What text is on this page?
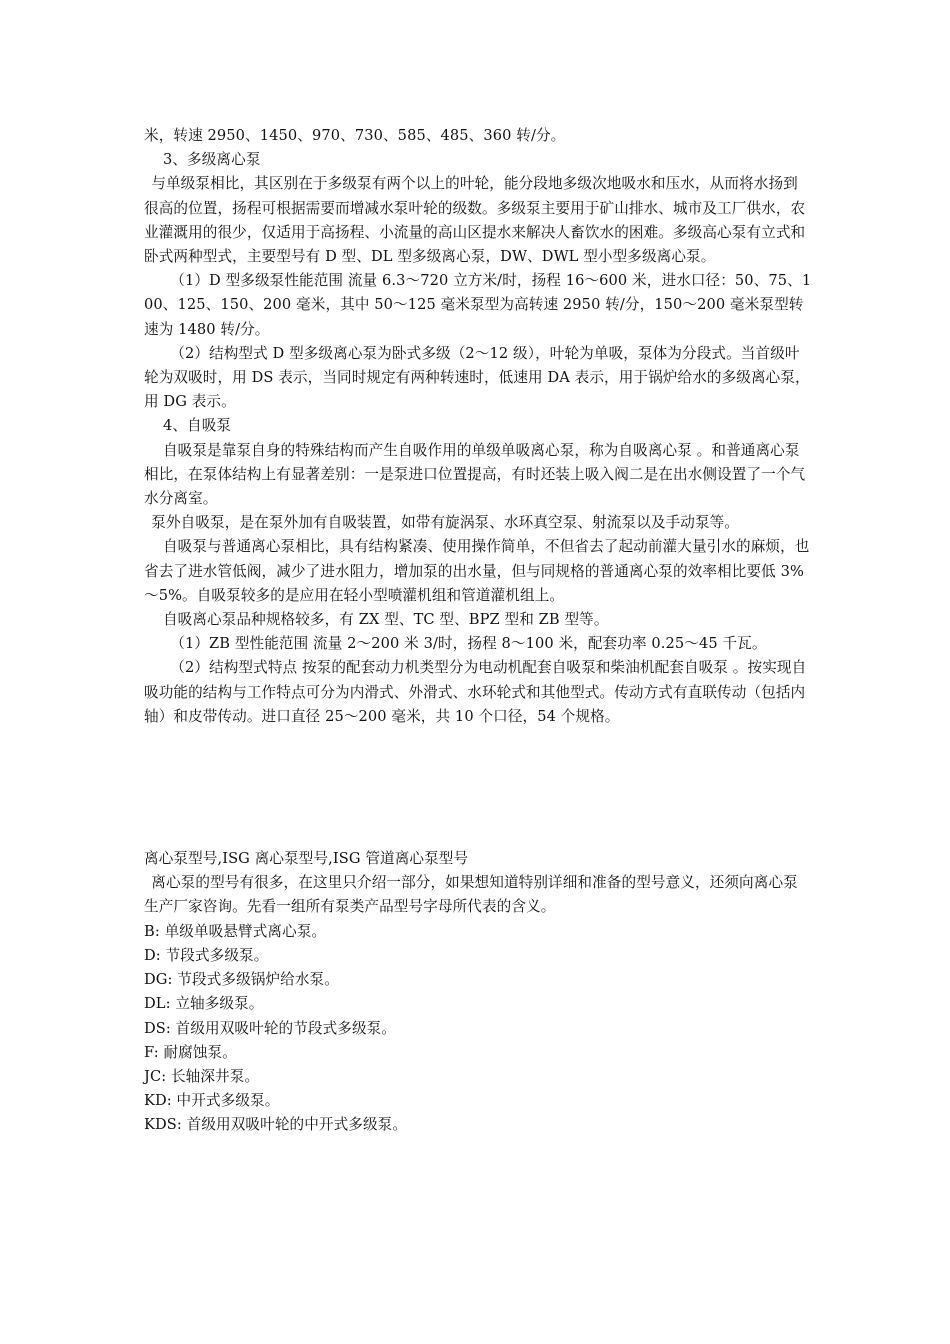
米，转速 2950、1450、970、730、585、485、360 转/分。

3、多级离心泵

与单级泵相比，其区别在于多级泵有两个以上的叶轮，能分段地多级次地吸水和压水，从而将水扬到很高的位置，扬程可根据需要而增减水泵叶轮的级数。多级泵主要用于矿山排水、城市及工厂供水，农业灌溉用的很少，仅适用于高扬程、小流量的高山区提水来解决人畜饮水的困难。多级高心泵有立式和卧式两种型式，主要型号有 D 型、DL 型多级离心泵，DW、DWL 型小型多级离心泵。

（1）D 型多级泵性能范围 流量 6.3～720 立方米/时，扬程 16～600 米，进水口径：50、75、100、125、150、200 毫米，其中 50～125 毫米泵型为高转速 2950 转/分，150～200 毫米泵型转速为 1480 转/分。

（2）结构型式 D 型多级离心泵为卧式多级（2～12 级），叶轮为单吸，泵体为分段式。当首级叶轮为双吸时，用 DS 表示，当同时规定有两种转速时，低速用 DA 表示，用于锅炉给水的多级离心泵，用 DG 表示。

4、自吸泵

自吸泵是靠泵自身的特殊结构而产生自吸作用的单级单吸离心泵，称为自吸离心泵 。和普通离心泵相比，在泵体结构上有显著差别：一是泵进口位置提高，有时还装上吸入阀二是在出水侧设置了一个气水分离室。

泵外自吸泵，是在泵外加有自吸装置，如带有旋涡泵、水环真空泵、射流泵以及手动泵等。

自吸泵与普通离心泵相比，具有结构紧凑、使用操作简单，不但省去了起动前灌大量引水的麻烦，也省去了进水管低阀，减少了进水阻力，增加泵的出水量，但与同规格的普通离心泵的效率相比要低 3%～5%。自吸泵较多的是应用在轻小型喷灌机组和管道灌机组上。

自吸离心泵品种规格较多，有 ZX 型、TC 型、BPZ 型和 ZB 型等。

（1）ZB 型性能范围 流量 2～200 米 3/时，扬程 8～100 米，配套功率 0.25～45 千瓦。

（2）结构型式特点 按泵的配套动力机类型分为电动机配套自吸泵和柴油机配套自吸泵 。按实现自吸功能的结构与工作特点可分为内滑式、外滑式、水环轮式和其他型式。传动方式有直联传动（包括内轴）和皮带传动。进口直径 25～200 毫米，共 10 个口径，54 个规格。

离心泵型号,ISG 离心泵型号,ISG 管道离心泵型号

离心泵的型号有很多，在这里只介绍一部分，如果想知道特别详细和准备的型号意义，还须向离心泵生产厂家咨询。先看一组所有泵类产品型号字母所代表的含义。

B: 单级单吸悬臂式离心泵。

D: 节段式多级泵。

DG: 节段式多级锅炉给水泵。

DL: 立轴多级泵。

DS: 首级用双吸叶轮的节段式多级泵。

F: 耐腐蚀泵。

JC: 长轴深井泵。

KD: 中开式多级泵。

KDS: 首级用双吸叶轮的中开式多级泵。
